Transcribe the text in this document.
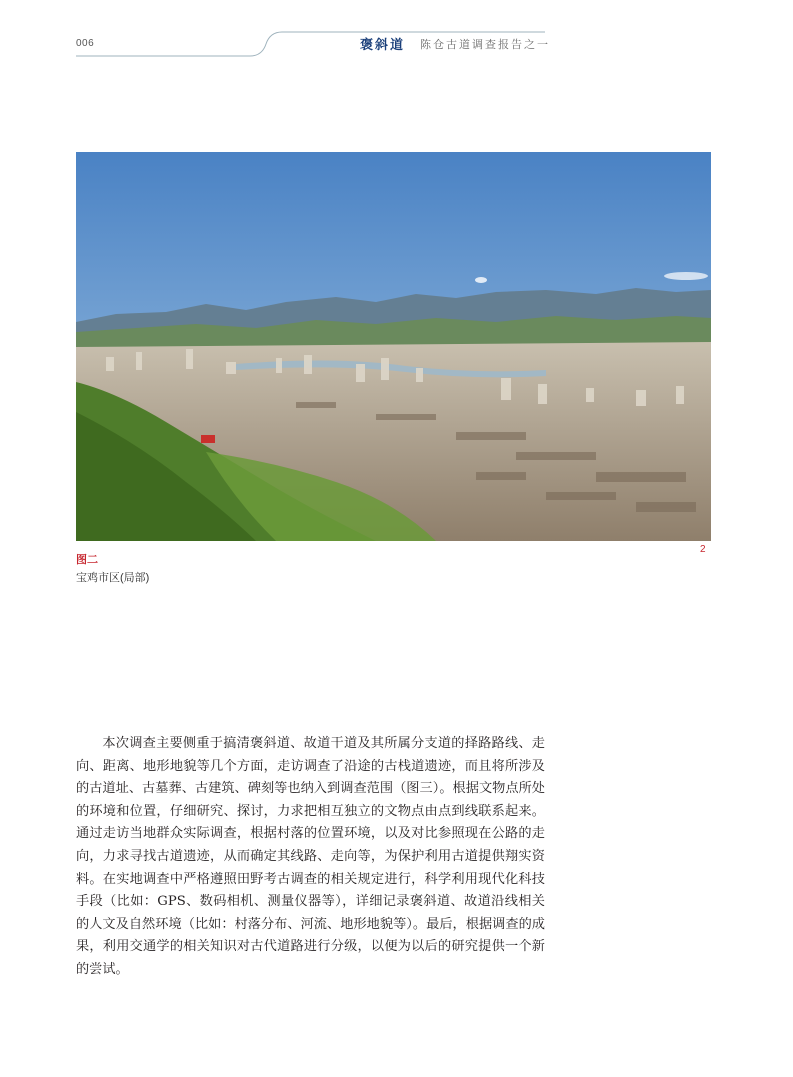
006	褒斜道 陈仓古道调查报告之一
图二
2
宝鸡市区(局部)

本次调查主要侧重于搞清褒斜道、故道干道及其所属分支道的择路路线、走向、距离、地形地貌等几个方面，走访调查了沿途的古栈道遗迹，而且将所涉及的古道址、古墓葬、古建筑、碑刻等也纳入到调查范围（图三）。根据文物点所处的环境和位置，仔细研究、探讨，力求把相互独立的文物点由点到线联系起来。通过走访当地群众实际调查，根据村落的位置环境，以及对比参照现在公路的走向，力求寻找古道遗迹，从而确定其线路、走向等，为保护利用古道提供翔实资料。在实地调查中严格遵照田野考古调查的相关规定进行，科学利用现代化科技手段（比如：GPS、数码相机、测量仪器等），详细记录褒斜道、故道沿线相关的人文及自然环境（比如：村落分布、河流、地形地貌等）。最后，根据调查的成果，利用交通学的相关知识对古代道路进行分级，以便为以后的研究提供一个新的尝试。
